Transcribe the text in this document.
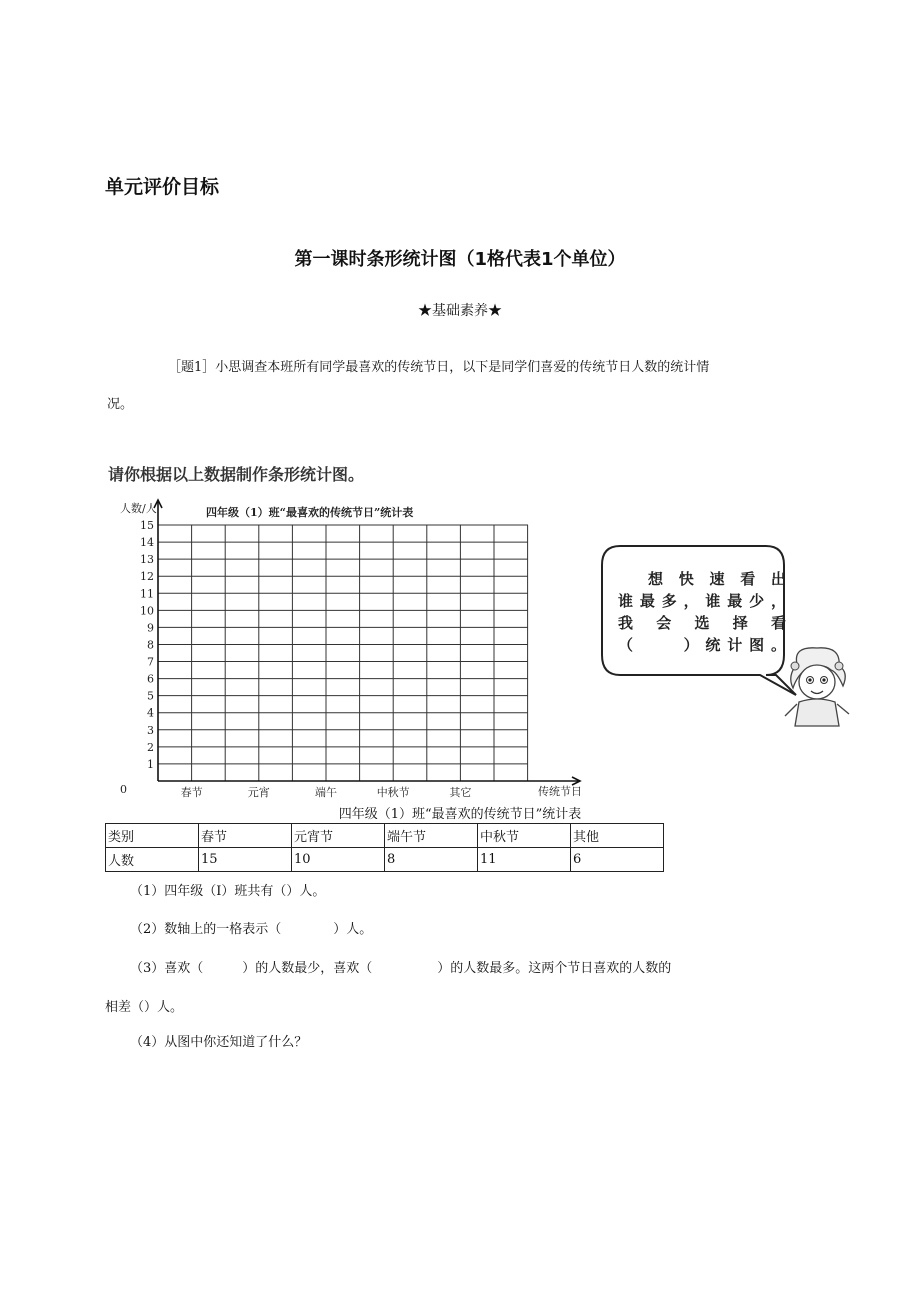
单元评价目标
第一课时条形统计图（1格代表1个单位）
★基础素养★
［题1］小思调查本班所有同学最喜欢的传统节日，以下是同学们喜爱的传统节日人数的统计情
况。
请你根据以上数据制作条形统计图。
0
1
2
3
4
5
6
7
8
9
10
11
12
13
14
15
春节	元宵	端午	中秋节	其它
四年级（1）班“最喜欢的传统节日”统计表
人数/人
传统节日
四年级（1）班“最喜欢的传统节日”统计表
类别	春节	元宵节	端午节	中秋节	其他
人数	15	10	8	11	6
（1）四年级（I）班共有（）人。
（2）数轴上的一格表示（　　　　）人。
（3）喜欢（　　　）的人数最少，喜欢（　　　　　）的人数最多。这两个节日喜欢的人数的
相差（）人。
（4）从图中你还知道了什么？
想快速看出
谁最多，谁最少，
我会选择看
（　　）统计图。
